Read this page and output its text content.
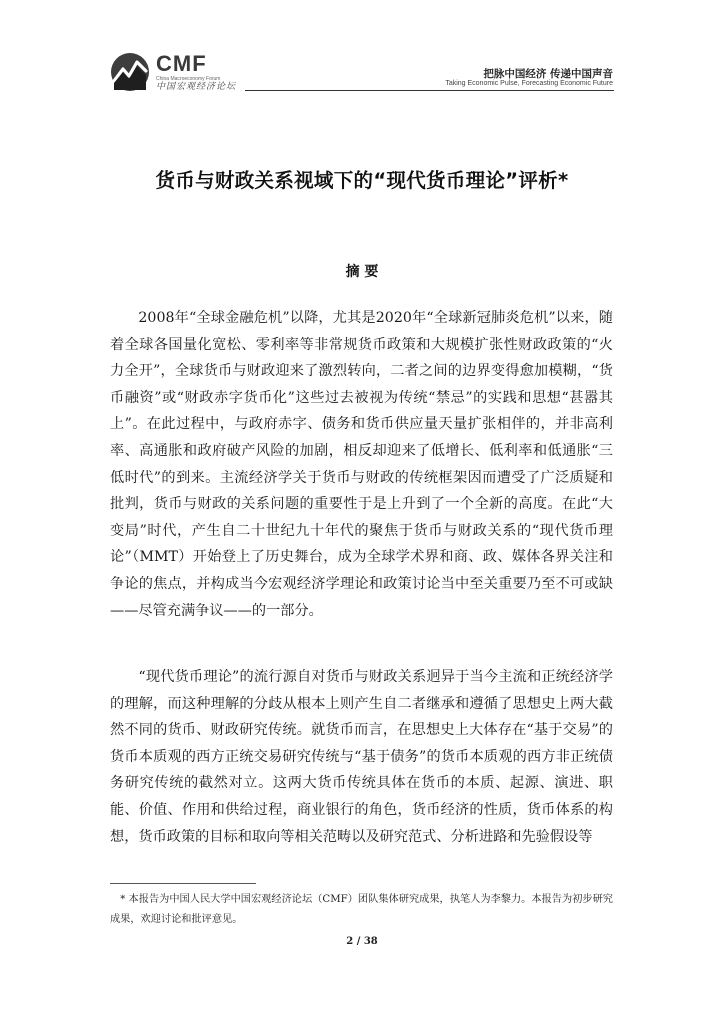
CMF
China Macroeconomy Forum
中国宏观经济论坛
把脉中国经济 传递中国声音
Taking Economic Pulse, Forecasting Economic Future
货币与财政关系视域下的“现代货币理论”评析*
摘 要

2008年“全球金融危机”以降，尤其是2020年“全球新冠肺炎危机”以来，随着全球各国量化宽松、零利率等非常规货币政策和大规模扩张性财政政策的“火力全开”，全球货币与财政迎来了激烈转向，二者之间的边界变得愈加模糊，“货币融资”或“财政赤字货币化”这些过去被视为传统“禁忌”的实践和思想“甚嚣其上”。在此过程中，与政府赤字、债务和货币供应量天量扩张相伴的，并非高利率、高通胀和政府破产风险的加剧，相反却迎来了低增长、低利率和低通胀“三低时代”的到来。主流经济学关于货币与财政的传统框架因而遭受了广泛质疑和批判，货币与财政的关系问题的重要性于是上升到了一个全新的高度。在此“大变局”时代，产生自二十世纪九十年代的聚焦于货币与财政关系的“现代货币理论”（MMT）开始登上了历史舞台，成为全球学术界和商、政、媒体各界关注和争论的焦点，并构成当今宏观经济学理论和政策讨论当中至关重要乃至不可或缺——尽管充满争议——的一部分。

“现代货币理论”的流行源自对货币与财政关系迥异于当今主流和正统经济学的理解，而这种理解的分歧从根本上则产生自二者继承和遵循了思想史上两大截然不同的货币、财政研究传统。就货币而言，在思想史上大体存在“基于交易”的货币本质观的西方正统交易研究传统与“基于债务”的货币本质观的西方非正统债务研究传统的截然对立。这两大货币传统具体在货币的本质、起源、演进、职能、价值、作用和供给过程，商业银行的角色，货币经济的性质，货币体系的构想，货币政策的目标和取向等相关范畴以及研究范式、分析进路和先验假设等

* 本报告为中国人民大学中国宏观经济论坛（CMF）团队集体研究成果，执笔人为李黎力。本报告为初步研究成果，欢迎讨论和批评意见。

2 / 38
